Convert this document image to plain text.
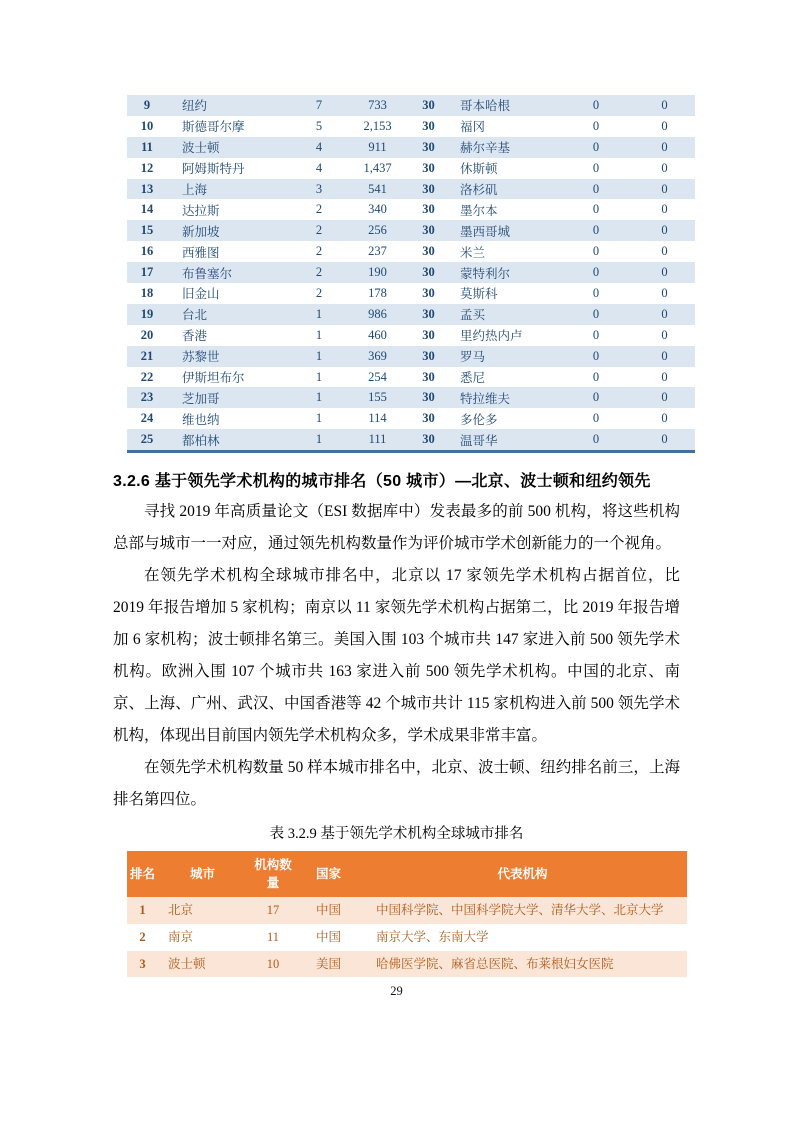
9	纽约	7	733	30	哥本哈根	0	0
10	斯德哥尔摩	5	2,153	30	福冈	0	0
11	波士顿	4	911	30	赫尔辛基	0	0
12	阿姆斯特丹	4	1,437	30	休斯顿	0	0
13	上海	3	541	30	洛杉矶	0	0
14	达拉斯	2	340	30	墨尔本	0	0
15	新加坡	2	256	30	墨西哥城	0	0
16	西雅图	2	237	30	米兰	0	0
17	布鲁塞尔	2	190	30	蒙特利尔	0	0
18	旧金山	2	178	30	莫斯科	0	0
19	台北	1	986	30	孟买	0	0
20	香港	1	460	30	里约热内卢	0	0
21	苏黎世	1	369	30	罗马	0	0
22	伊斯坦布尔	1	254	30	悉尼	0	0
23	芝加哥	1	155	30	特拉维夫	0	0
24	维也纳	1	114	30	多伦多	0	0
25	都柏林	1	111	30	温哥华	0	0
3.2.6 基于领先学术机构的城市排名（50 城市）—北京、波士顿和纽约领先

寻找 2019 年高质量论文（ESI 数据库中）发表最多的前 500 机构，将这些机构总部与城市一一对应，通过领先机构数量作为评价城市学术创新能力的一个视角。

在领先学术机构全球城市排名中，北京以 17 家领先学术机构占据首位，比 2019 年报告增加 5 家机构；南京以 11 家领先学术机构占据第二，比 2019 年报告增加 6 家机构；波士顿排名第三。美国入围 103 个城市共 147 家进入前 500 领先学术机构。欧洲入围 107 个城市共 163 家进入前 500 领先学术机构。中国的北京、南京、上海、广州、武汉、中国香港等 42 个城市共计 115 家机构进入前 500 领先学术机构，体现出目前国内领先学术机构众多，学术成果非常丰富。

在领先学术机构数量 50 样本城市排名中，北京、波士顿、纽约排名前三，上海排名第四位。

表 3.2.9 基于领先学术机构全球城市排名
排名	城市	机构数量	国家	代表机构
1	北京	17	中国	中国科学院、中国科学院大学、清华大学、北京大学
2	南京	11	中国	南京大学、东南大学
3	波士顿	10	美国	哈佛医学院、麻省总医院、布莱根妇女医院
29
